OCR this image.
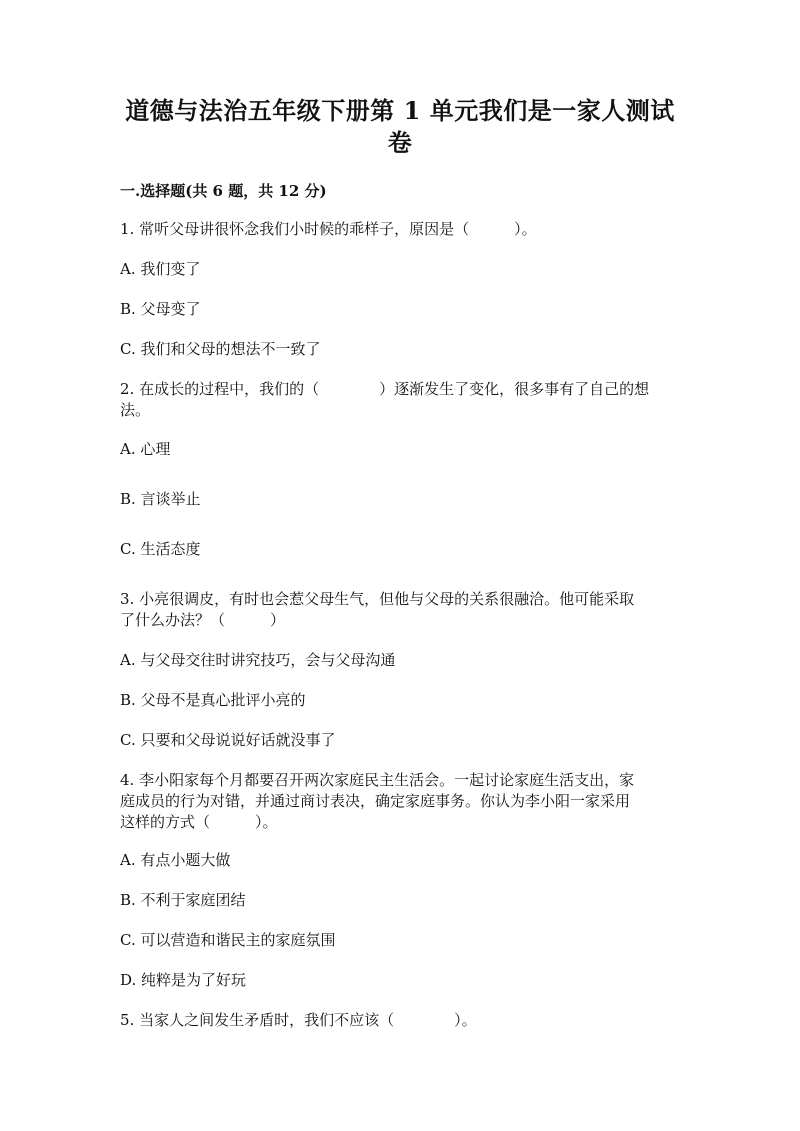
道德与法治五年级下册第 1 单元我们是一家人测试
卷
一.选择题(共 6 题，共 12 分)
1. 常听父母讲很怀念我们小时候的乖样子，原因是（　　　）。
A. 我们变了
B. 父母变了
C. 我们和父母的想法不一致了
2. 在成长的过程中，我们的（　　　　）逐渐发生了变化，很多事有了自己的想
法。
A. 心理
B. 言谈举止
C. 生活态度
3. 小亮很调皮，有时也会惹父母生气，但他与父母的关系很融洽。他可能采取
了什么办法？（　　　）
A. 与父母交往时讲究技巧，会与父母沟通
B. 父母不是真心批评小亮的
C. 只要和父母说说好话就没事了
4. 李小阳家每个月都要召开两次家庭民主生活会。一起讨论家庭生活支出，家
庭成员的行为对错，并通过商讨表决，确定家庭事务。你认为李小阳一家采用
这样的方式（　　　）。
A. 有点小题大做
B. 不利于家庭团结
C. 可以营造和谐民主的家庭氛围
D. 纯粹是为了好玩
5. 当家人之间发生矛盾时，我们不应该（　　　　）。
